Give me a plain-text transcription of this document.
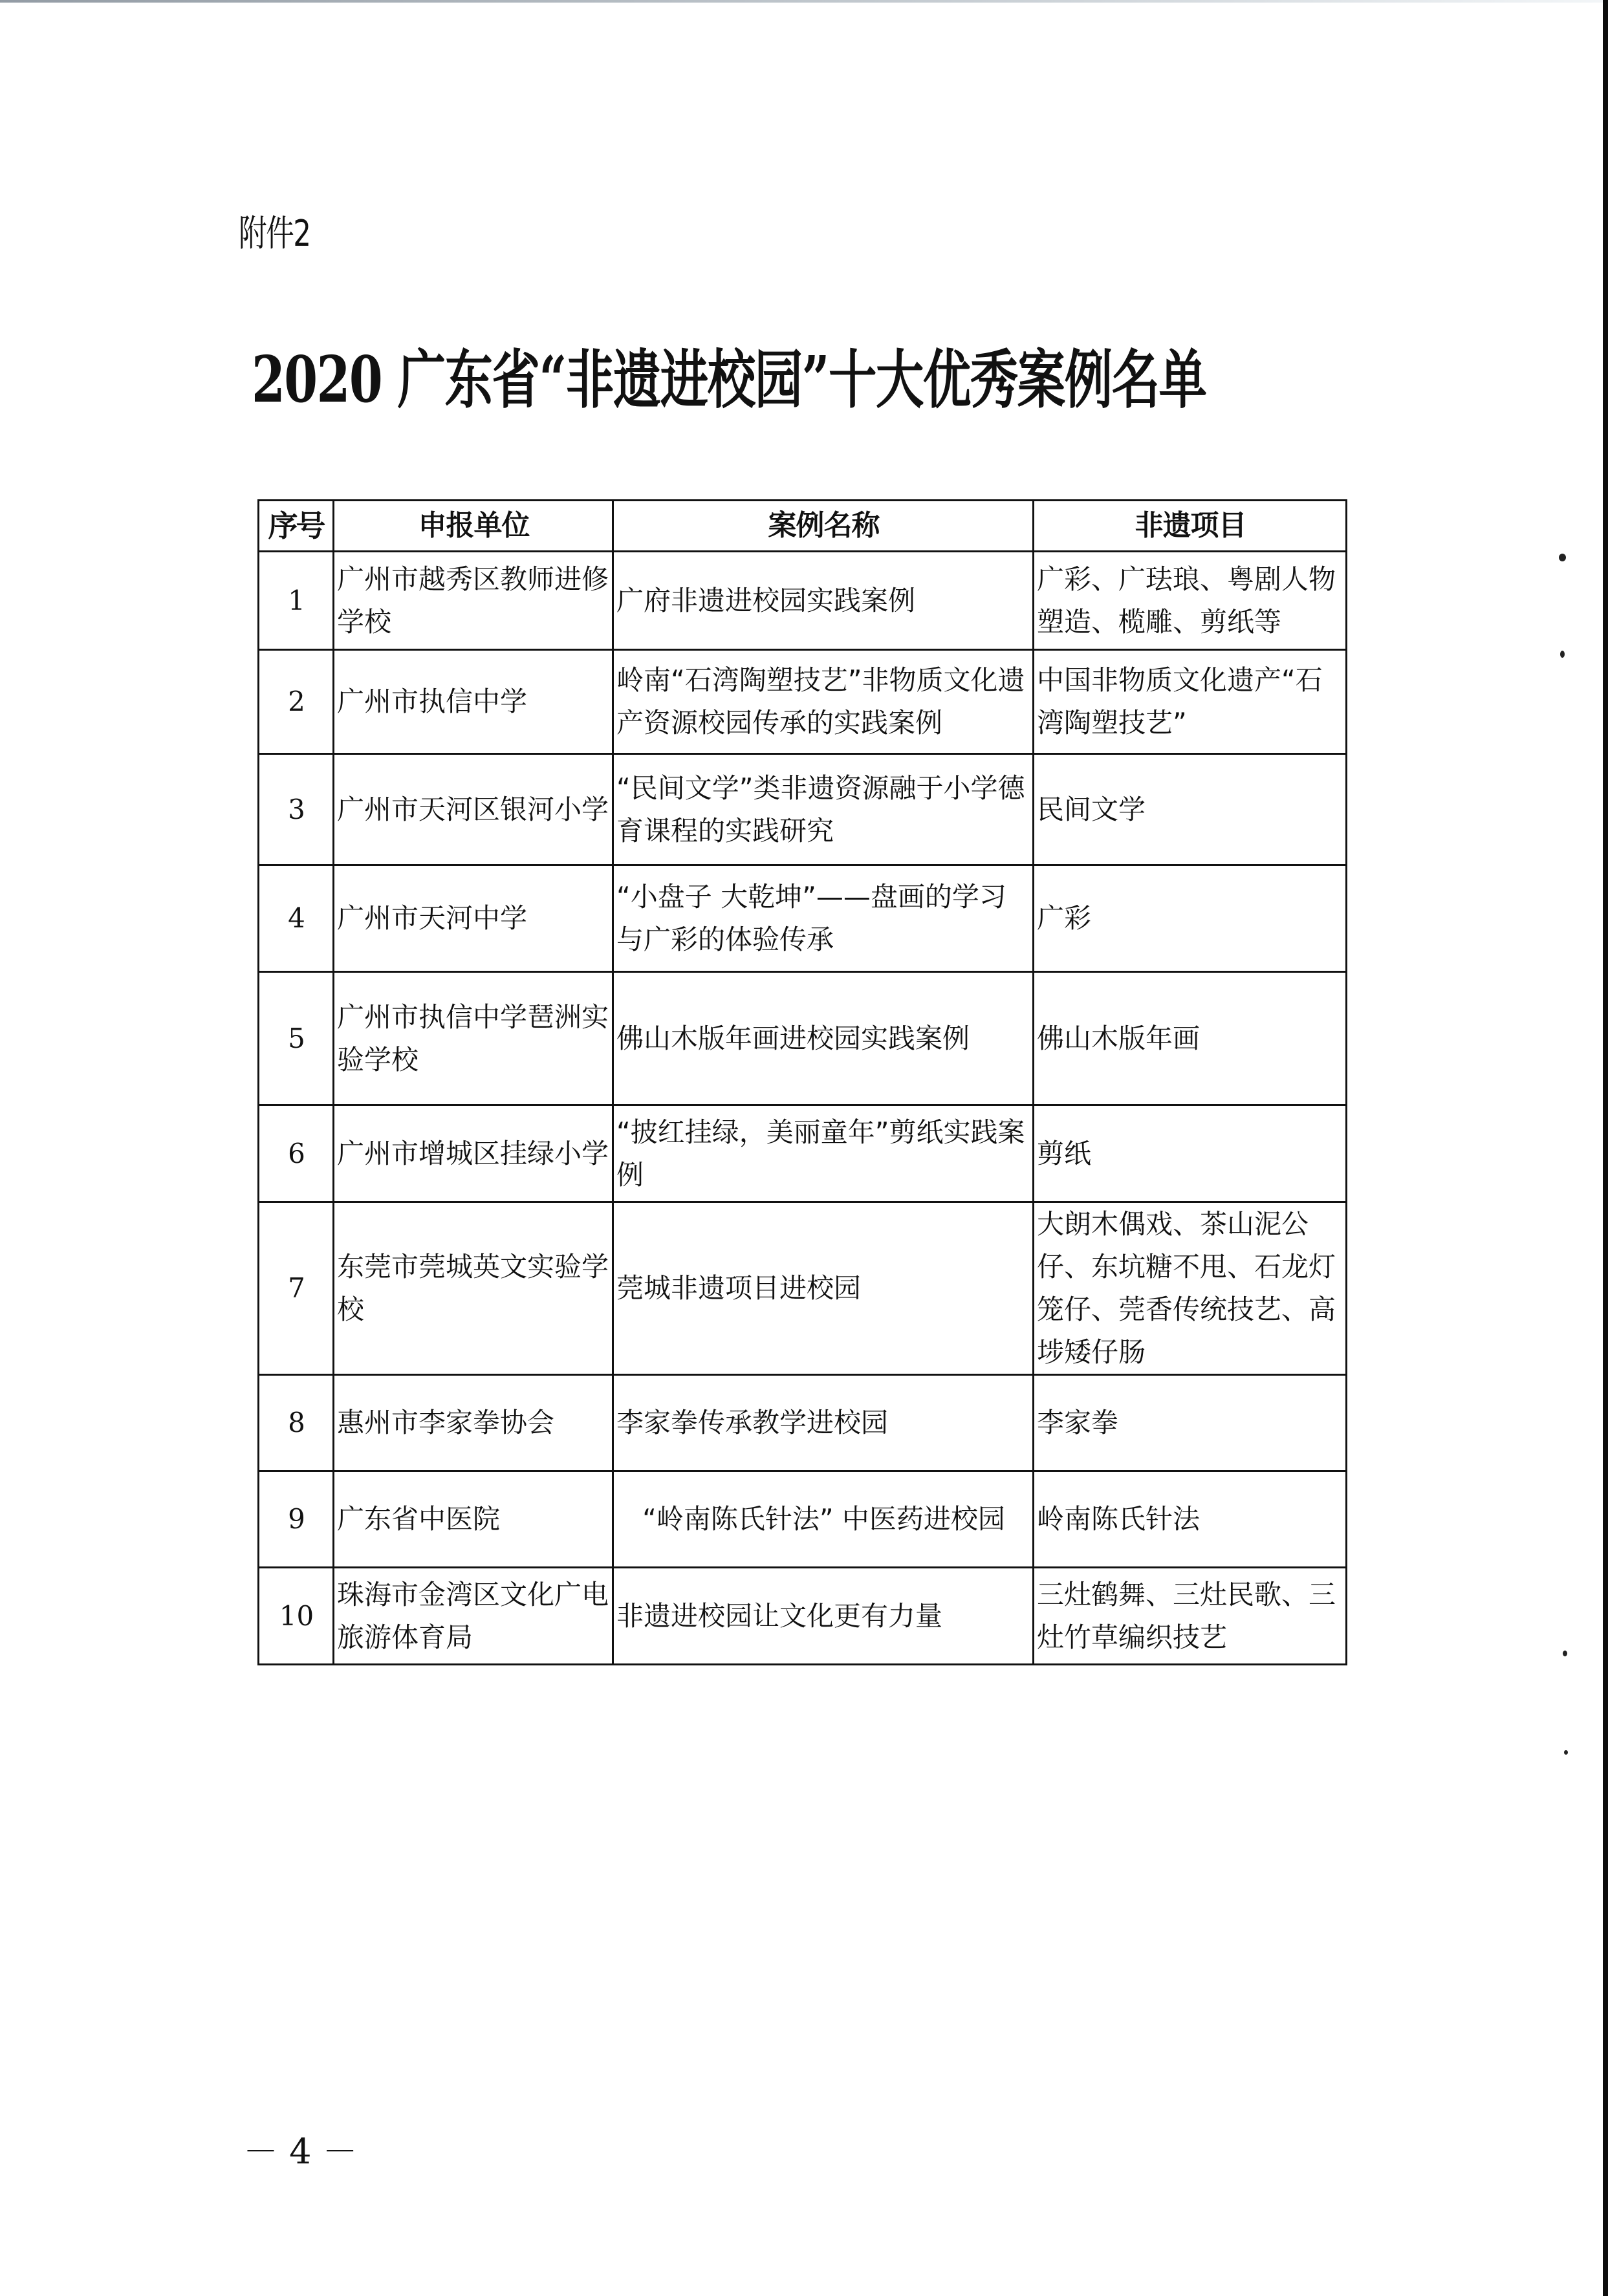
附件2
2020 广东省“非遗进校园”十大优秀案例名单
序号	申报单位	案例名称	非遗项目
1	广州市越秀区教师进修学校	广府非遗进校园实践案例	广彩、广珐琅、粤剧人物塑造、榄雕、剪纸等
2	广州市执信中学	岭南“石湾陶塑技艺”非物质文化遗产资源校园传承的实践案例	中国非物质文化遗产“石湾陶塑技艺”
3	广州市天河区银河小学	“民间文学”类非遗资源融于小学德育课程的实践研究	民间文学
4	广州市天河中学	“小盘子 大乾坤”——盘画的学习与广彩的体验传承	广彩
5	广州市执信中学琶洲实验学校	佛山木版年画进校园实践案例	佛山木版年画
6	广州市增城区挂绿小学	“披红挂绿，美丽童年”剪纸实践案例	剪纸
7	东莞市莞城英文实验学校	莞城非遗项目进校园	大朗木偶戏、茶山泥公仔、东坑糖不甩、石龙灯笼仔、莞香传统技艺、高埗矮仔肠
8	惠州市李家拳协会	李家拳传承教学进校园	李家拳
9	广东省中医院	“岭南陈氏针法” 中医药进校园	岭南陈氏针法
10	珠海市金湾区文化广电旅游体育局	非遗进校园让文化更有力量	三灶鹤舞、三灶民歌、三灶竹草编织技艺
－ 4 －
